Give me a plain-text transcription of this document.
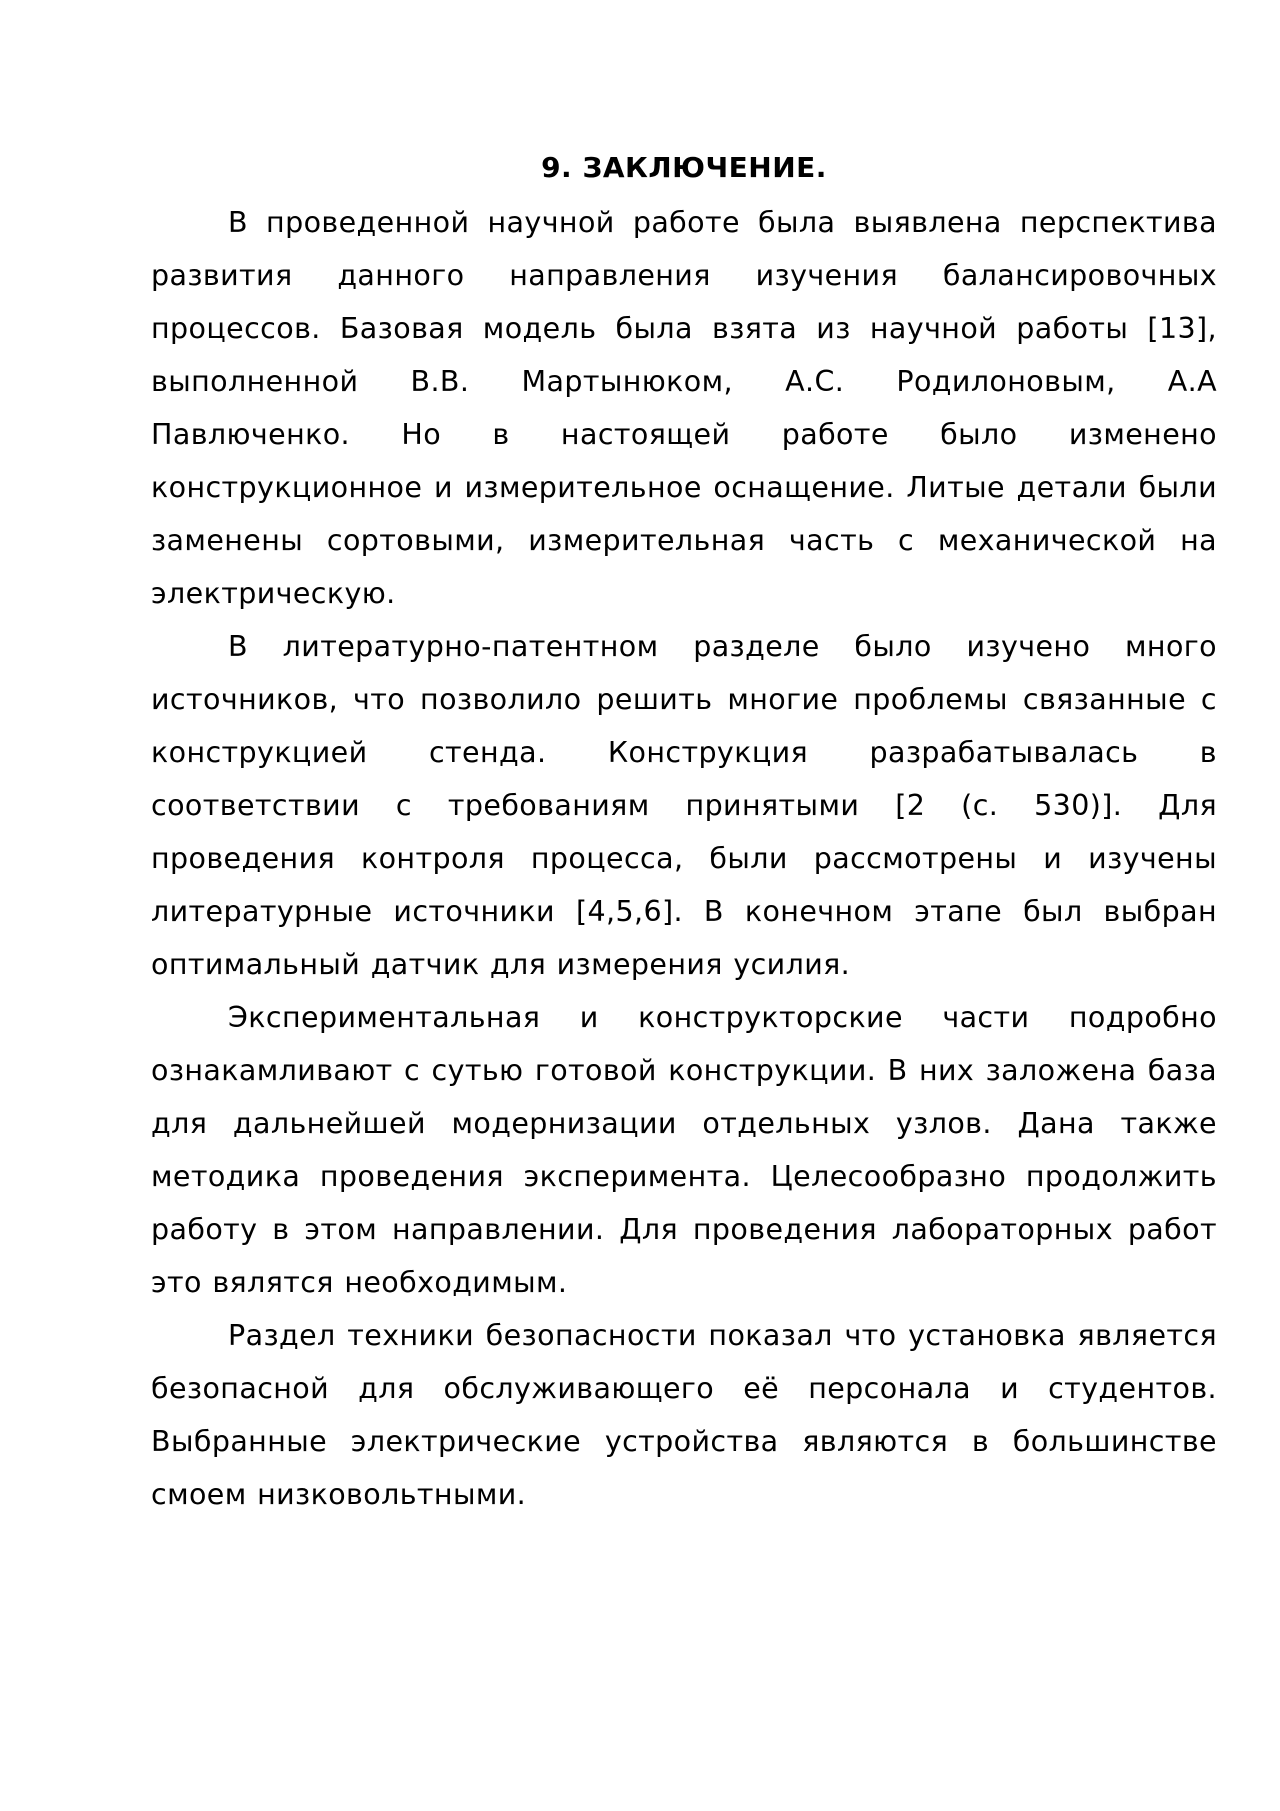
9. ЗАКЛЮЧЕНИЕ.

В проведенной научной работе была выявлена перспектива развития данного направления изучения балансировочных процессов. Базовая модель была взята из научной работы [13], выполненной В.В. Мартынюком, А.С. Родилоновым, А.А Павлюченко. Но в настоящей работе было изменено конструкционное и измерительное оснащение. Литые детали были заменены сортовыми, измерительная часть с механической на электрическую.

В литературно-патентном разделе было изучено много источников, что позволило решить многие проблемы связанные с конструкцией стенда. Конструкция разрабатывалась в соответствии с требованиям принятыми [2 (с. 530)]. Для проведения контроля процесса, были рассмотрены и изучены литературные источники [4,5,6]. В конечном этапе был выбран оптимальный датчик для измерения усилия.

Экспериментальная и конструкторские части подробно ознакамливают с сутью готовой конструкции. В них заложена база для дальнейшей модернизации отдельных узлов. Дана также методика проведения эксперимента. Целесообразно продолжить работу в этом направлении. Для проведения лабораторных работ это вялятся необходимым.

Раздел техники безопасности показал что установка является безопасной для обслуживающего её персонала и студентов. Выбранные электрические устройства являются в большинстве смоем низковольтными.
